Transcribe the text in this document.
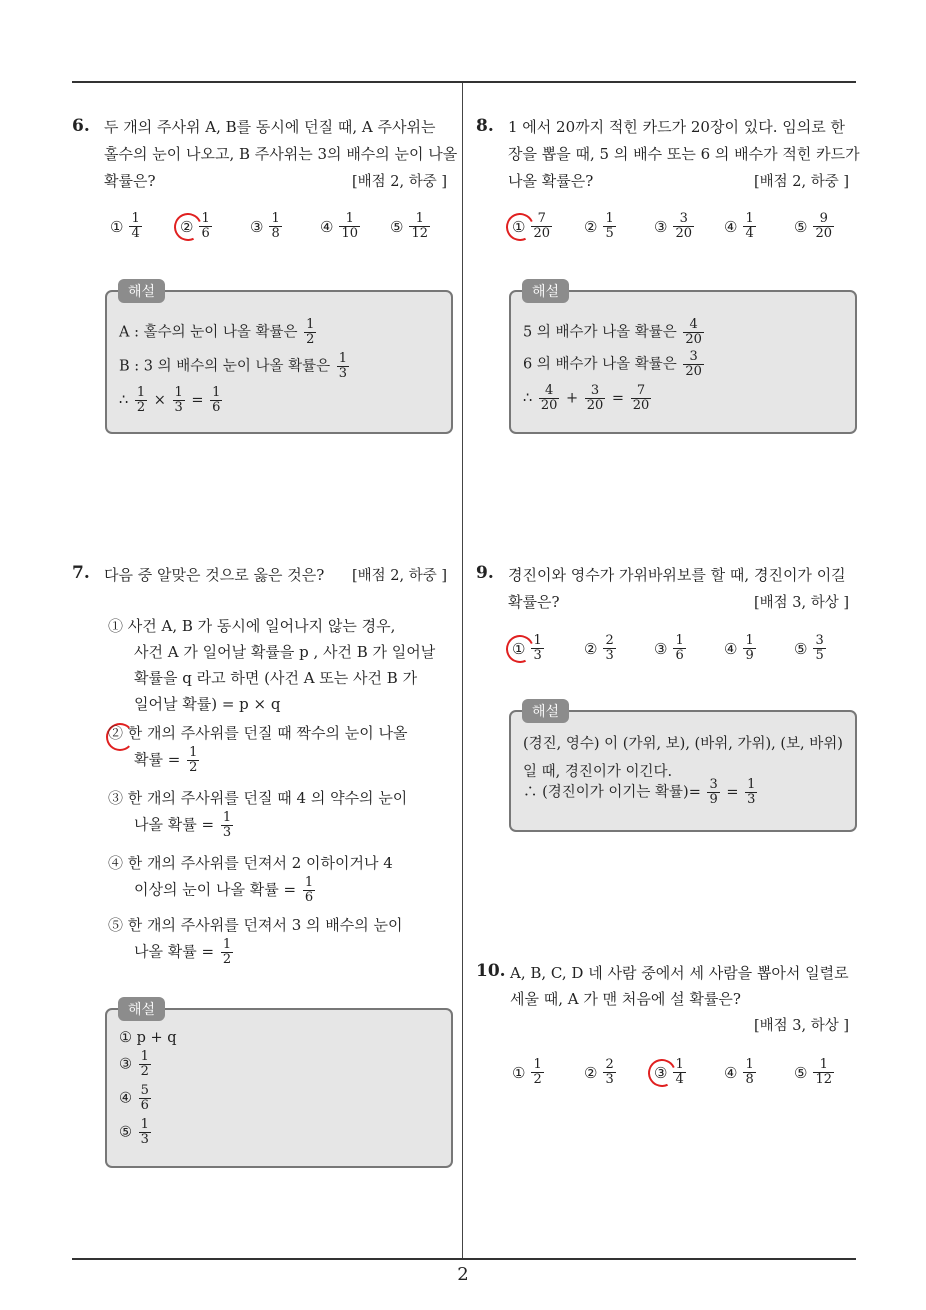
2
6. 두 개의 주사위 A, B를 동시에 던질 때, A 주사위는
홀수의 눈이 나오고, B 주사위는 3의 배수의 눈이 나올
확률은?	[배점 2, 하중 ]
① $\frac{1}{4}$	② $\frac{1}{6}$	③ $\frac{1}{8}$	④ $\frac{1}{10}$ ⑤ $\frac{1}{12}$
A : 홀수의 눈이 나올 확률은 $\frac{1}{2}$
B : 3 의 배수의 눈이 나올 확률은 $\frac{1}{3}$
∴ $\frac{1}{2} \times \frac{1}{3} = \frac{1}{6}$
해설
7. 다음 중 알맞은 것으로 옳은 것은? [배점 2, 하중 ]
① 사건 A, B 가 동시에 일어나지 않는 경우,
사건 A 가 일어날 확률을 p , 사건 B 가 일어날
확률을 q 라고 하면 (사건 A 또는 사건 B 가
일어날 확률) = p × q
② 한 개의 주사위를 던질 때 짝수의 눈이 나올
확률 = $\frac{1}{2}$
③ 한 개의 주사위를 던질 때 4 의 약수의 눈이
나올 확률 = $\frac{1}{3}$
④ 한 개의 주사위를 던져서 2 이하이거나 4
이상의 눈이 나올 확률 = $\frac{1}{6}$
⑤ 한 개의 주사위를 던져서 3 의 배수의 눈이
나올 확률 = $\frac{1}{2}$
① p + q
③ $\frac{1}{2}$
④ $\frac{5}{6}$
⑤ $\frac{1}{3}$
해설
8. 1 에서 20까지 적힌 카드가 20장이 있다. 임의로 한
장을 뽑을 때, 5 의 배수 또는 6 의 배수가 적힌 카드가
나올 확률은?	[배점 2, 하중 ]
① $\frac{7}{20}$ ② $\frac{1}{5}$	③ $\frac{3}{20}$ ④ $\frac{1}{4}$	⑤ $\frac{9}{20}$
5 의 배수가 나올 확률은 $\frac{4}{20}$
6 의 배수가 나올 확률은 $\frac{3}{20}$
∴ $\frac{4}{20} + \frac{3}{20} = \frac{7}{20}$
해설
9. 경진이와 영수가 가위바위보를 할 때, 경진이가 이길
확률은?	[배점 3, 하상 ]
① $\frac{1}{3}$	② $\frac{2}{3}$	③ $\frac{1}{6}$	④ $\frac{1}{9}$	⑤ $\frac{3}{5}$
(경진, 영수) 이 (가위, 보), (바위, 가위), (보, 바위)
일 때, 경진이가 이긴다.
∴ (경진이가 이기는 확률)= $\frac{3}{9} = \frac{1}{3}$
해설
10. A, B, C, D 네 사람 중에서 세 사람을 뽑아서 일렬로
세울 때, A 가 맨 처음에 설 확률은?
[배점 3, 하상 ]
① $\frac{1}{2}$	② $\frac{2}{3}$	③ $\frac{1}{4}$	④ $\frac{1}{8}$	⑤ $\frac{1}{12}$
